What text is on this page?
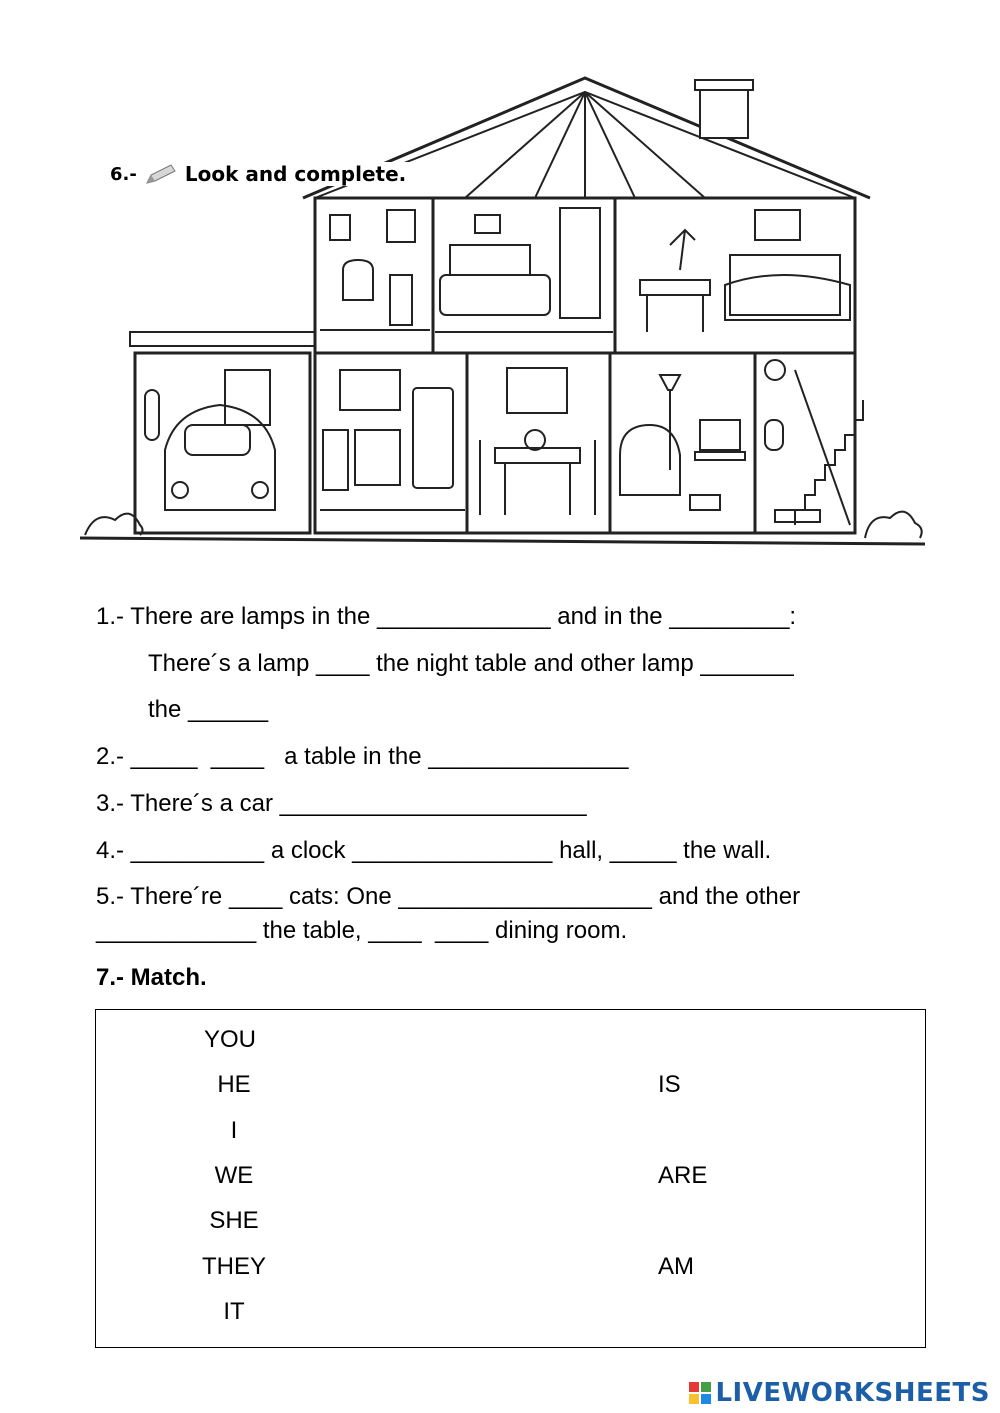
6.- Look and complete.
1.- There are lamps in the _____________ and in the _________:
There´s a lamp ____ the night table and other lamp _______
the ______
2.- _____  ____   a table in the _______________
3.- There´s a car _______________________
4.- __________ a clock _______________ hall, _____ the wall.
5.- There´re ____ cats: One ___________________ and the other
____________ the table, ____  ____ dining room.
7.- Match.
YOU
HE
I
WE
SHE
THEY
IT
IS
ARE
AM
LIVEWORKSHEETS
